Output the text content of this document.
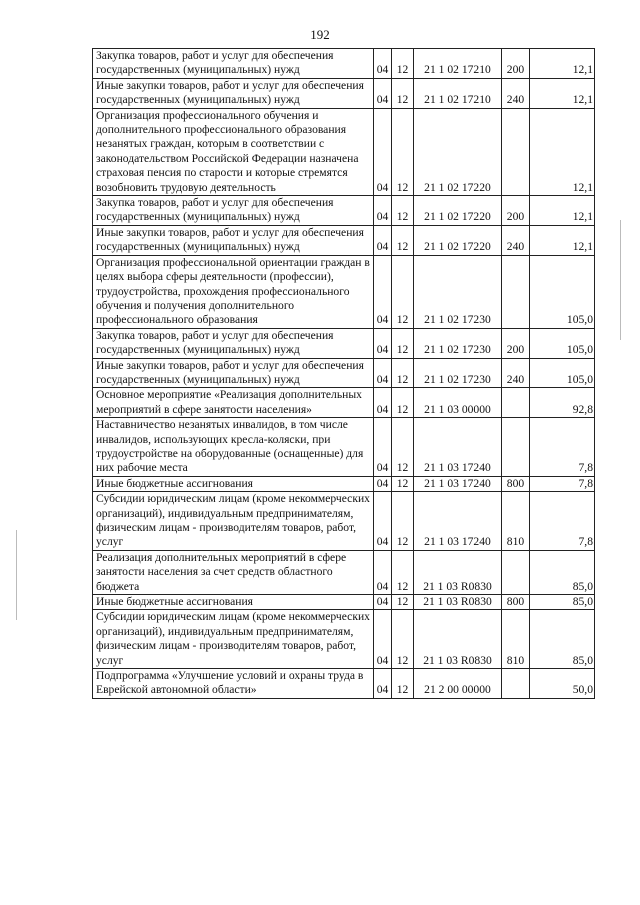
192
Закупка товаров, работ и услуг для обеспечения государственных (муниципальных) нужд	04	12	21 1 02 17210	200	12,1
Иные закупки товаров, работ и услуг для обеспечения государственных (муниципальных) нужд	04	12	21 1 02 17210	240	12,1
Организация профессионального обучения и дополнительного профессионального образования незанятых граждан, которым в соответствии с законодательством Российской Федерации назначена страховая пенсия по старости и которые стремятся возобновить трудовую деятельность	04	12	21 1 02 17220		12,1
Закупка товаров, работ и услуг для обеспечения государственных (муниципальных) нужд	04	12	21 1 02 17220	200	12,1
Иные закупки товаров, работ и услуг для обеспечения государственных (муниципальных) нужд	04	12	21 1 02 17220	240	12,1
Организация профессиональной ориентации граждан в целях выбора сферы деятельности (профессии), трудоустройства, прохождения профессионального обучения и получения дополнительного профессионального образования	04	12	21 1 02 17230		105,0
Закупка товаров, работ и услуг для обеспечения государственных (муниципальных) нужд	04	12	21 1 02 17230	200	105,0
Иные закупки товаров, работ и услуг для обеспечения государственных (муниципальных) нужд	04	12	21 1 02 17230	240	105,0
Основное мероприятие «Реализация дополнительных мероприятий в сфере занятости населения»	04	12	21 1 03 00000		92,8
Наставничество незанятых инвалидов, в том числе инвалидов, использующих кресла-коляски, при трудоустройстве на оборудованные (оснащенные) для них рабочие места	04	12	21 1 03 17240		7,8
Иные бюджетные ассигнования	04	12	21 1 03 17240	800	7,8
Субсидии юридическим лицам (кроме некоммерческих организаций), индивидуальным предпринимателям, физическим лицам - производителям товаров, работ, услуг	04	12	21 1 03 17240	810	7,8
Реализация дополнительных мероприятий в сфере занятости населения за счет средств областного бюджета	04	12	21 1 03 R0830		85,0
Иные бюджетные ассигнования	04	12	21 1 03 R0830	800	85,0
Субсидии юридическим лицам (кроме некоммерческих организаций), индивидуальным предпринимателям, физическим лицам - производителям товаров, работ, услуг	04	12	21 1 03 R0830	810	85,0
Подпрограмма «Улучшение условий и охраны труда в Еврейской автономной области»	04	12	21 2 00 00000		50,0
